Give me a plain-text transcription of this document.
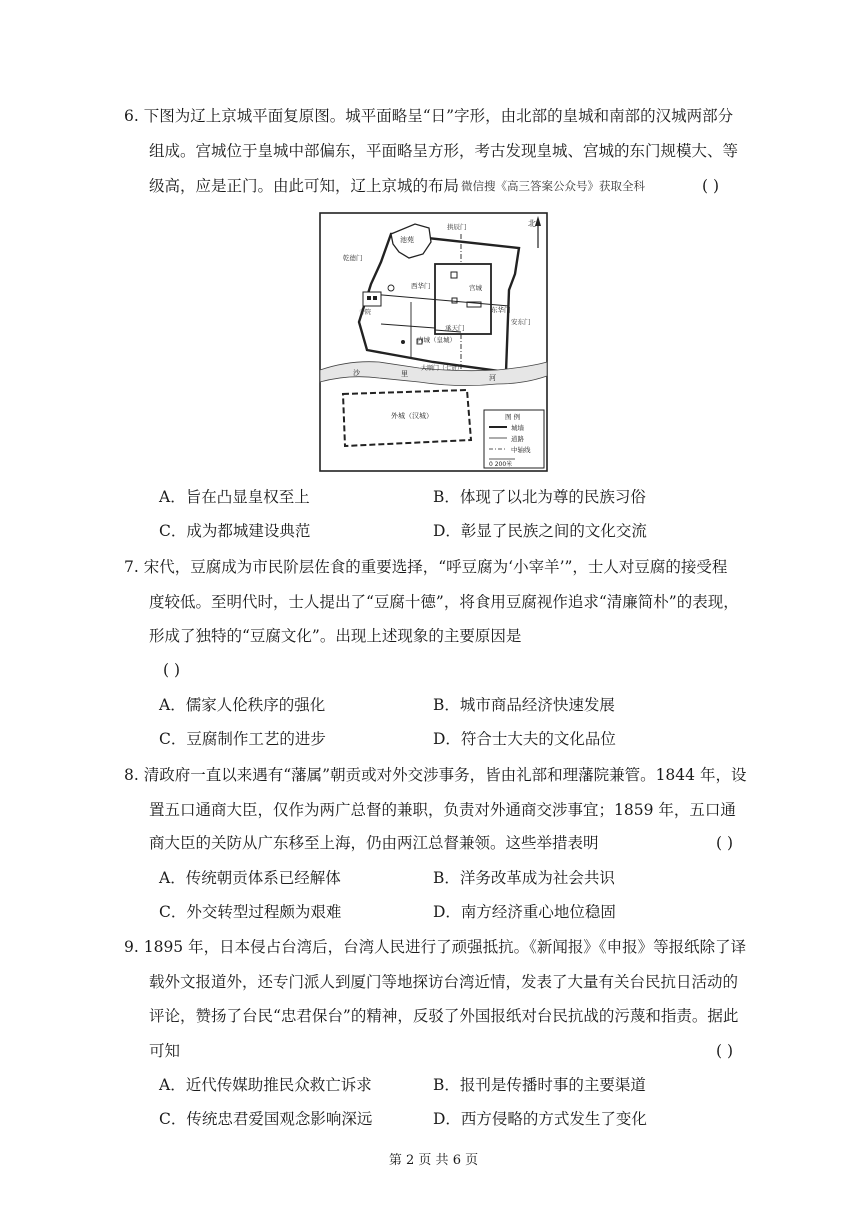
6. 下图为辽上京城平面复原图。城平面略呈“日”字形，由北部的皇城和南部的汉城两部分
组成。宫城位于皇城中部偏东，平面略呈方形，考古发现皇城、宫城的东门规模大、等
级高，应是正门。由此可知，辽上京城的布局 微信搜《高三答案公众号》获取全科	( )
北
池苑
宫城
拱辰门
乾德门
西华门
东华门
安东门
承天门
寺院
内城（皇城）
沙	里	河
大顺门（七贤）
外城（汉城）	图 例
城墙
道路
中轴线
0 200米
A．旨在凸显皇权至上	B．体现了以北为尊的民族习俗
C．成为都城建设典范	D．彰显了民族之间的文化交流
7. 宋代，豆腐成为市民阶层佐食的重要选择，“呼豆腐为‘小宰羊’”，士人对豆腐的接受程
度较低。至明代时，士人提出了“豆腐十德”，将食用豆腐视作追求“清廉简朴”的表现，
形成了独特的“豆腐文化”。出现上述现象的主要原因是
( )
A．儒家人伦秩序的强化	B．城市商品经济快速发展
C．豆腐制作工艺的进步	D．符合士大夫的文化品位
8. 清政府一直以来遇有“藩属”朝贡或对外交涉事务，皆由礼部和理藩院兼管。1844 年，设
置五口通商大臣，仅作为两广总督的兼职，负责对外通商交涉事宜；1859 年，五口通
商大臣的关防从广东移至上海，仍由两江总督兼领。这些举措表明	( )
A．传统朝贡体系已经解体	B．洋务改革成为社会共识
C．外交转型过程颇为艰难	D．南方经济重心地位稳固
9. 1895 年，日本侵占台湾后，台湾人民进行了顽强抵抗。《新闻报》《申报》等报纸除了译
载外文报道外，还专门派人到厦门等地探访台湾近情，发表了大量有关台民抗日活动的
评论，赞扬了台民“忠君保台”的精神，反驳了外国报纸对台民抗战的污蔑和指责。据此
可知	( )
A．近代传媒助推民众救亡诉求	B．报刊是传播时事的主要渠道
C．传统忠君爱国观念影响深远	D．西方侵略的方式发生了变化
第 2 页 共 6 页
